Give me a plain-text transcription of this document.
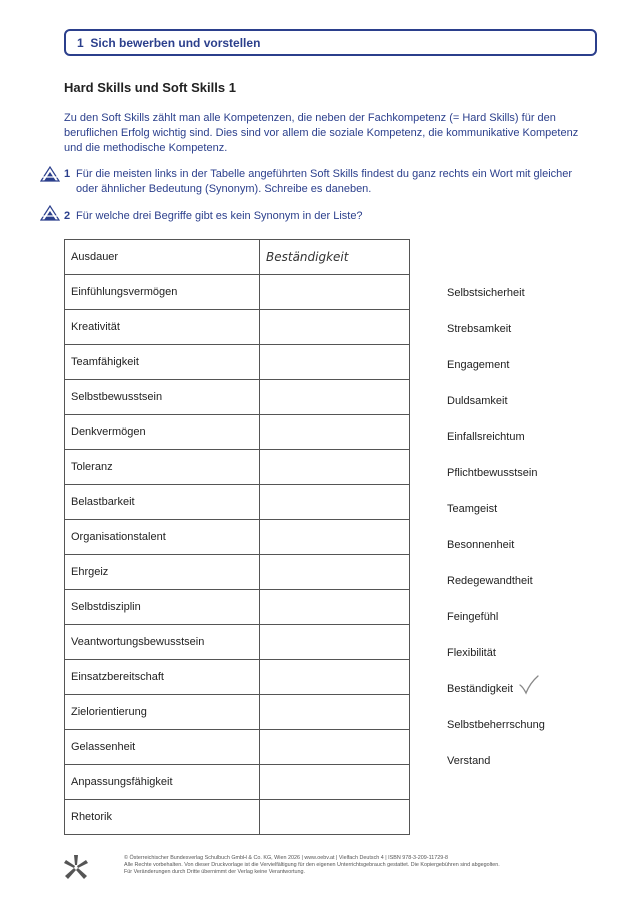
1 Sich bewerben und vorstellen
Hard Skills und Soft Skills 1

Zu den Soft Skills zählt man alle Kompetenzen, die neben der Fachkompetenz (= Hard Skills) für den beruflichen Erfolg wichtig sind. Dies sind vor allem die soziale Kompetenz, die kommunikative Kompetenz und die methodische Kompetenz.

1 Für die meisten links in der Tabelle angeführten Soft Skills findest du ganz rechts ein Wort mit gleicher oder ähnlicher Bedeutung (Synonym). Schreibe es daneben.
2 Für welche drei Begriffe gibt es kein Synonym in der Liste?
Ausdauer	Beständigkeit
Einfühlungsvermögen	
Kreativität	
Teamfähigkeit	
Selbstbewusstsein	
Denkvermögen	
Toleranz	
Belastbarkeit	
Organisationstalent	
Ehrgeiz	
Selbstdisziplin	
Veantwortungsbewusstsein	
Einsatzbereitschaft	
Zielorientierung	
Gelassenheit	
Anpassungsfähigkeit	
Rhetorik	
Selbstsicherheit
Strebsamkeit
Engagement
Duldsamkeit
Einfallsreichtum
Pflichtbewusstsein
Teamgeist
Besonnenheit
Redegewandtheit
Feingefühl
Flexibilität
Beständigkeit
Selbstbeherrschung
Verstand
© Österreichischer Bundesverlag Schulbuch GmbH & Co. KG, Wien 2026 | www.oebv.at | Vielfach Deutsch 4 | ISBN 978-3-209-11729-8
Alle Rechte vorbehalten. Von dieser Druckvorlage ist die Vervielfältigung für den eigenen Unterrichtsgebrauch gestattet. Die Kopiergebühren sind abgegolten.
Für Veränderungen durch Dritte übernimmt der Verlag keine Verantwortung.
